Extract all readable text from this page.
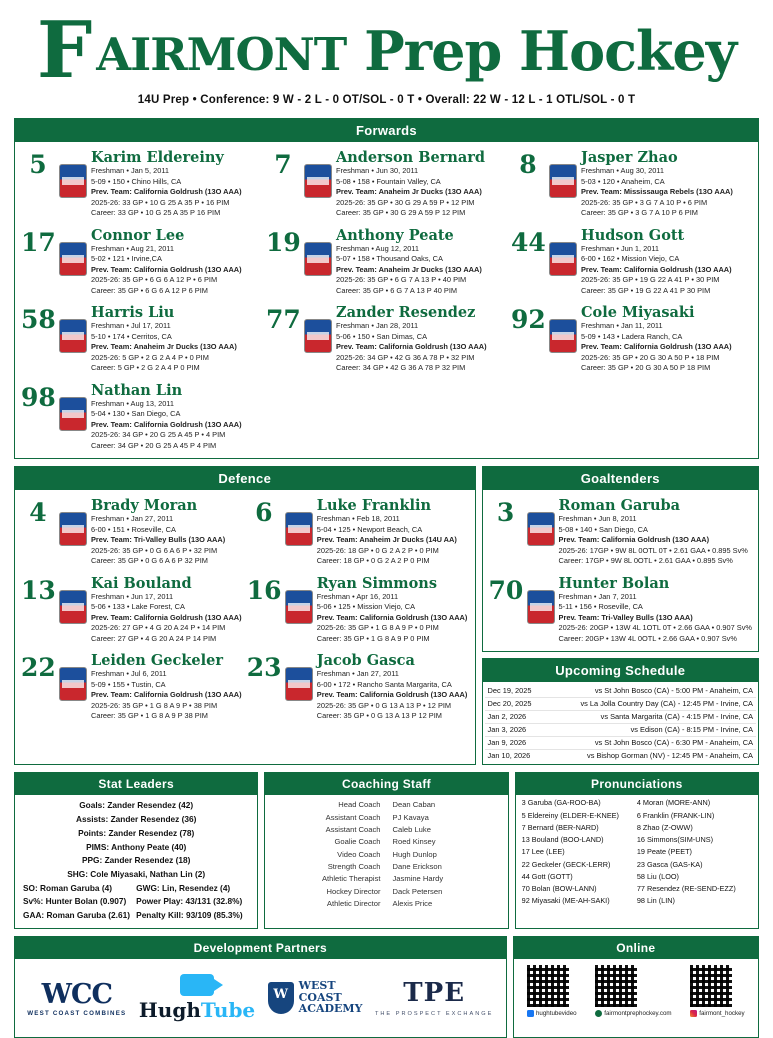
F AIRMONT Prep Hockey
14U Prep • Conference: 9 W - 2 L - 0 OT/SOL - 0 T • Overall: 22 W - 12 L - 1 OTL/SOL - 0 T
Forwards
5	Karim Eldereiny
Freshman • Jan 5, 2011
5-09 • 150 • Chino Hills, CA
Prev. Team: California Goldrush (13O AAA)
2025-26: 33 GP • 10 G 25 A 35 P • 16 PIM
Career: 33 GP • 10 G 25 A 35 P 16 PIM
7	Anderson Bernard
Freshman • Jun 30, 2011
5-08 • 158 • Fountain Valley, CA
Prev. Team: Anaheim Jr Ducks (13O AAA)
2025-26: 35 GP • 30 G 29 A 59 P • 12 PIM
Career: 35 GP • 30 G 29 A 59 P 12 PIM
8	Jasper Zhao
Freshman • Aug 30, 2011
5-03 • 120 • Anaheim, CA
Prev. Team: Mississauga Rebels (13O AAA)
2025-26: 35 GP • 3 G 7 A 10 P • 6 PIM
Career: 35 GP • 3 G 7 A 10 P 6 PIM
17 Connor Lee
Freshman • Aug 21, 2011
5-02 • 121 • Irvine,CA
Prev. Team: California Goldrush (13O AAA)
2025-26: 35 GP • 6 G 6 A 12 P • 6 PIM
Career: 35 GP • 6 G 6 A 12 P 6 PIM
19 Anthony Peate
Freshman • Aug 12, 2011
5-07 • 158 • Thousand Oaks, CA
Prev. Team: Anaheim Jr Ducks (13O AAA)
2025-26: 35 GP • 6 G 7 A 13 P • 40 PIM
Career: 35 GP • 6 G 7 A 13 P 40 PIM
44 Hudson Gott
Freshman • Jun 1, 2011
6-00 • 162 • Mission Viejo, CA
Prev. Team: California Goldrush (13O AAA)
2025-26: 35 GP • 19 G 22 A 41 P • 30 PIM
Career: 35 GP • 19 G 22 A 41 P 30 PIM
58 Harris Liu
Freshman • Jul 17, 2011
5-10 • 174 • Cerritos, CA
Prev. Team: Anaheim Jr Ducks (13O AAA)
2025-26: 5 GP • 2 G 2 A 4 P • 0 PIM
Career: 5 GP • 2 G 2 A 4 P 0 PIM
77 Zander Resendez
Freshman • Jan 28, 2011
5-06 • 150 • San Dimas, CA
Prev. Team: California Goldrush (13O AAA)
2025-26: 34 GP • 42 G 36 A 78 P • 32 PIM
Career: 34 GP • 42 G 36 A 78 P 32 PIM
92 Cole Miyasaki
Freshman • Jan 11, 2011
5-09 • 143 • Ladera Ranch, CA
Prev. Team: California Goldrush (13O AAA)
2025-26: 35 GP • 20 G 30 A 50 P • 18 PIM
Career: 35 GP • 20 G 30 A 50 P 18 PIM
98 Nathan Lin
Freshman • Aug 13, 2011
5-04 • 130 • San Diego, CA
Prev. Team: California Goldrush (13O AAA)
2025-26: 34 GP • 20 G 25 A 45 P • 4 PIM
Career: 34 GP • 20 G 25 A 45 P 4 PIM
Defence
4	Brady Moran
Freshman • Jan 27, 2011
6-00 • 151 • Roseville, CA
Prev. Team: Tri-Valley Bulls (13O AAA)
2025-26: 35 GP • 0 G 6 A 6 P • 32 PIM
Career: 35 GP • 0 G 6 A 6 P 32 PIM
6	Luke Franklin
Freshman • Feb 18, 2011
5-04 • 125 • Newport Beach, CA
Prev. Team: Anaheim Jr Ducks (14U AA)
2025-26: 18 GP • 0 G 2 A 2 P • 0 PIM
Career: 18 GP • 0 G 2 A 2 P 0 PIM
13 Kai Bouland
Freshman • Jun 17, 2011
5-06 • 133 • Lake Forest, CA
Prev. Team: California Goldrush (13O AAA)
2025-26: 27 GP • 4 G 20 A 24 P • 14 PIM
Career: 27 GP • 4 G 20 A 24 P 14 PIM
16 Ryan Simmons
Freshman • Apr 16, 2011
5-06 • 125 • Mission Viejo, CA
Prev. Team: California Goldrush (13O AAA)
2025-26: 35 GP • 1 G 8 A 9 P • 0 PIM
Career: 35 GP • 1 G 8 A 9 P 0 PIM
22 Leiden Geckeler
Freshman • Jul 6, 2011
5-09 • 155 • Tustin, CA
Prev. Team: California Goldrush (13O AAA)
2025-26: 35 GP • 1 G 8 A 9 P • 38 PIM
Career: 35 GP • 1 G 8 A 9 P 38 PIM
23 Jacob Gasca
Freshman • Jan 27, 2011
6-00 • 172 • Rancho Santa Margarita, CA
Prev. Team: California Goldrush (13O AAA)
2025-26: 35 GP • 0 G 13 A 13 P • 12 PIM
Career: 35 GP • 0 G 13 A 13 P 12 PIM
Goaltenders
3	Roman Garuba
Freshman • Jun 8, 2011
5-08 • 140 • San Diego, CA
Prev. Team: California Goldrush (13O AAA)
2025-26: 17GP • 9W 8L 0OTL 0T • 2.61 GAA • 0.895 Sv%
Career: 17GP • 9W 8L 0OTL • 2.61 GAA • 0.895 Sv%
70 Hunter Bolan
Freshman • Jan 7, 2011
5-11 • 156 • Roseville, CA
Prev. Team: Tri-Valley Bulls (13O AAA)
2025-26: 20GP • 13W 4L 1OTL 0T • 2.66 GAA • 0.907 Sv%
Career: 20GP • 13W 4L 0OTL • 2.66 GAA • 0.907 Sv%
Upcoming Schedule
Dec 19, 2025	vs St John Bosco (CA) - 5:00 PM - Anaheim, CA
Dec 20, 2025	vs La Jolla Country Day (CA) - 12:45 PM - Irvine, CA
Jan 2, 2026	vs Santa Margarita (CA) - 4:15 PM - Irvine, CA
Jan 3, 2026	vs Edison (CA) - 8:15 PM - Irvine, CA
Jan 9, 2026	vs St John Bosco (CA) - 6:30 PM - Anaheim, CA
Jan 10, 2026	vs Bishop Gorman (NV) - 12:45 PM - Anaheim, CA
Stat Leaders
Goals: Zander Resendez (42)
Assists: Zander Resendez (36)
Points: Zander Resendez (78)
PIMS: Anthony Peate (40)
PPG: Zander Resendez (18)
SHG: Cole Miyasaki, Nathan Lin (2)
SO: Roman Garuba (4)	GWG: Lin, Resendez (4)
Sv%: Hunter Bolan (0.907)	Power Play: 43/131 (32.8%)
GAA: Roman Garuba (2.61) Penalty Kill: 93/109 (85.3%)
Coaching Staff
Head Coach	Dean Caban
Assistant Coach	PJ Kavaya
Assistant Coach	Caleb Luke
Goalie Coach	Roed Kinsey
Video Coach	Hugh Dunlop
Strength Coach	Dane Erickson
Athletic Therapist	Jasmine Hardy
Hockey Director	Dack Petersen
Athletic Director	Alexis Price
Pronunciations
3 Garuba (GA-ROO-BA)
5 Eldereiny (ELDER-E-KNEE)
7 Bernard (BER-NARD)
13 Bouland (BOO-LAND)
17 Lee (LEE)
22 Geckeler (GECK-LERR)
44 Gott (GOTT)
70 Bolan (BOW-LANN)
92 Miyasaki (ME-AH-SAKI)
4 Moran (MORE-ANN)
6 Franklin (FRANK-LIN)
8 Zhao (Z-OWW)
16 Simmons(SIM-UNS)
19 Peate (PEET)
23 Gasca (GAS-KA)
58 Liu (LOO)
77 Resendez (RE-SEND-EZZ)
98 Lin (LIN)
Development Partners
WCC
WEST COAST COMBINES HughTube
W
WEST
COAST
ACADEMY
TPE
THE PROSPECT EXCHANGE
Online
hughtubevideo	fairmontprephockey.com	fairmont_hockey
